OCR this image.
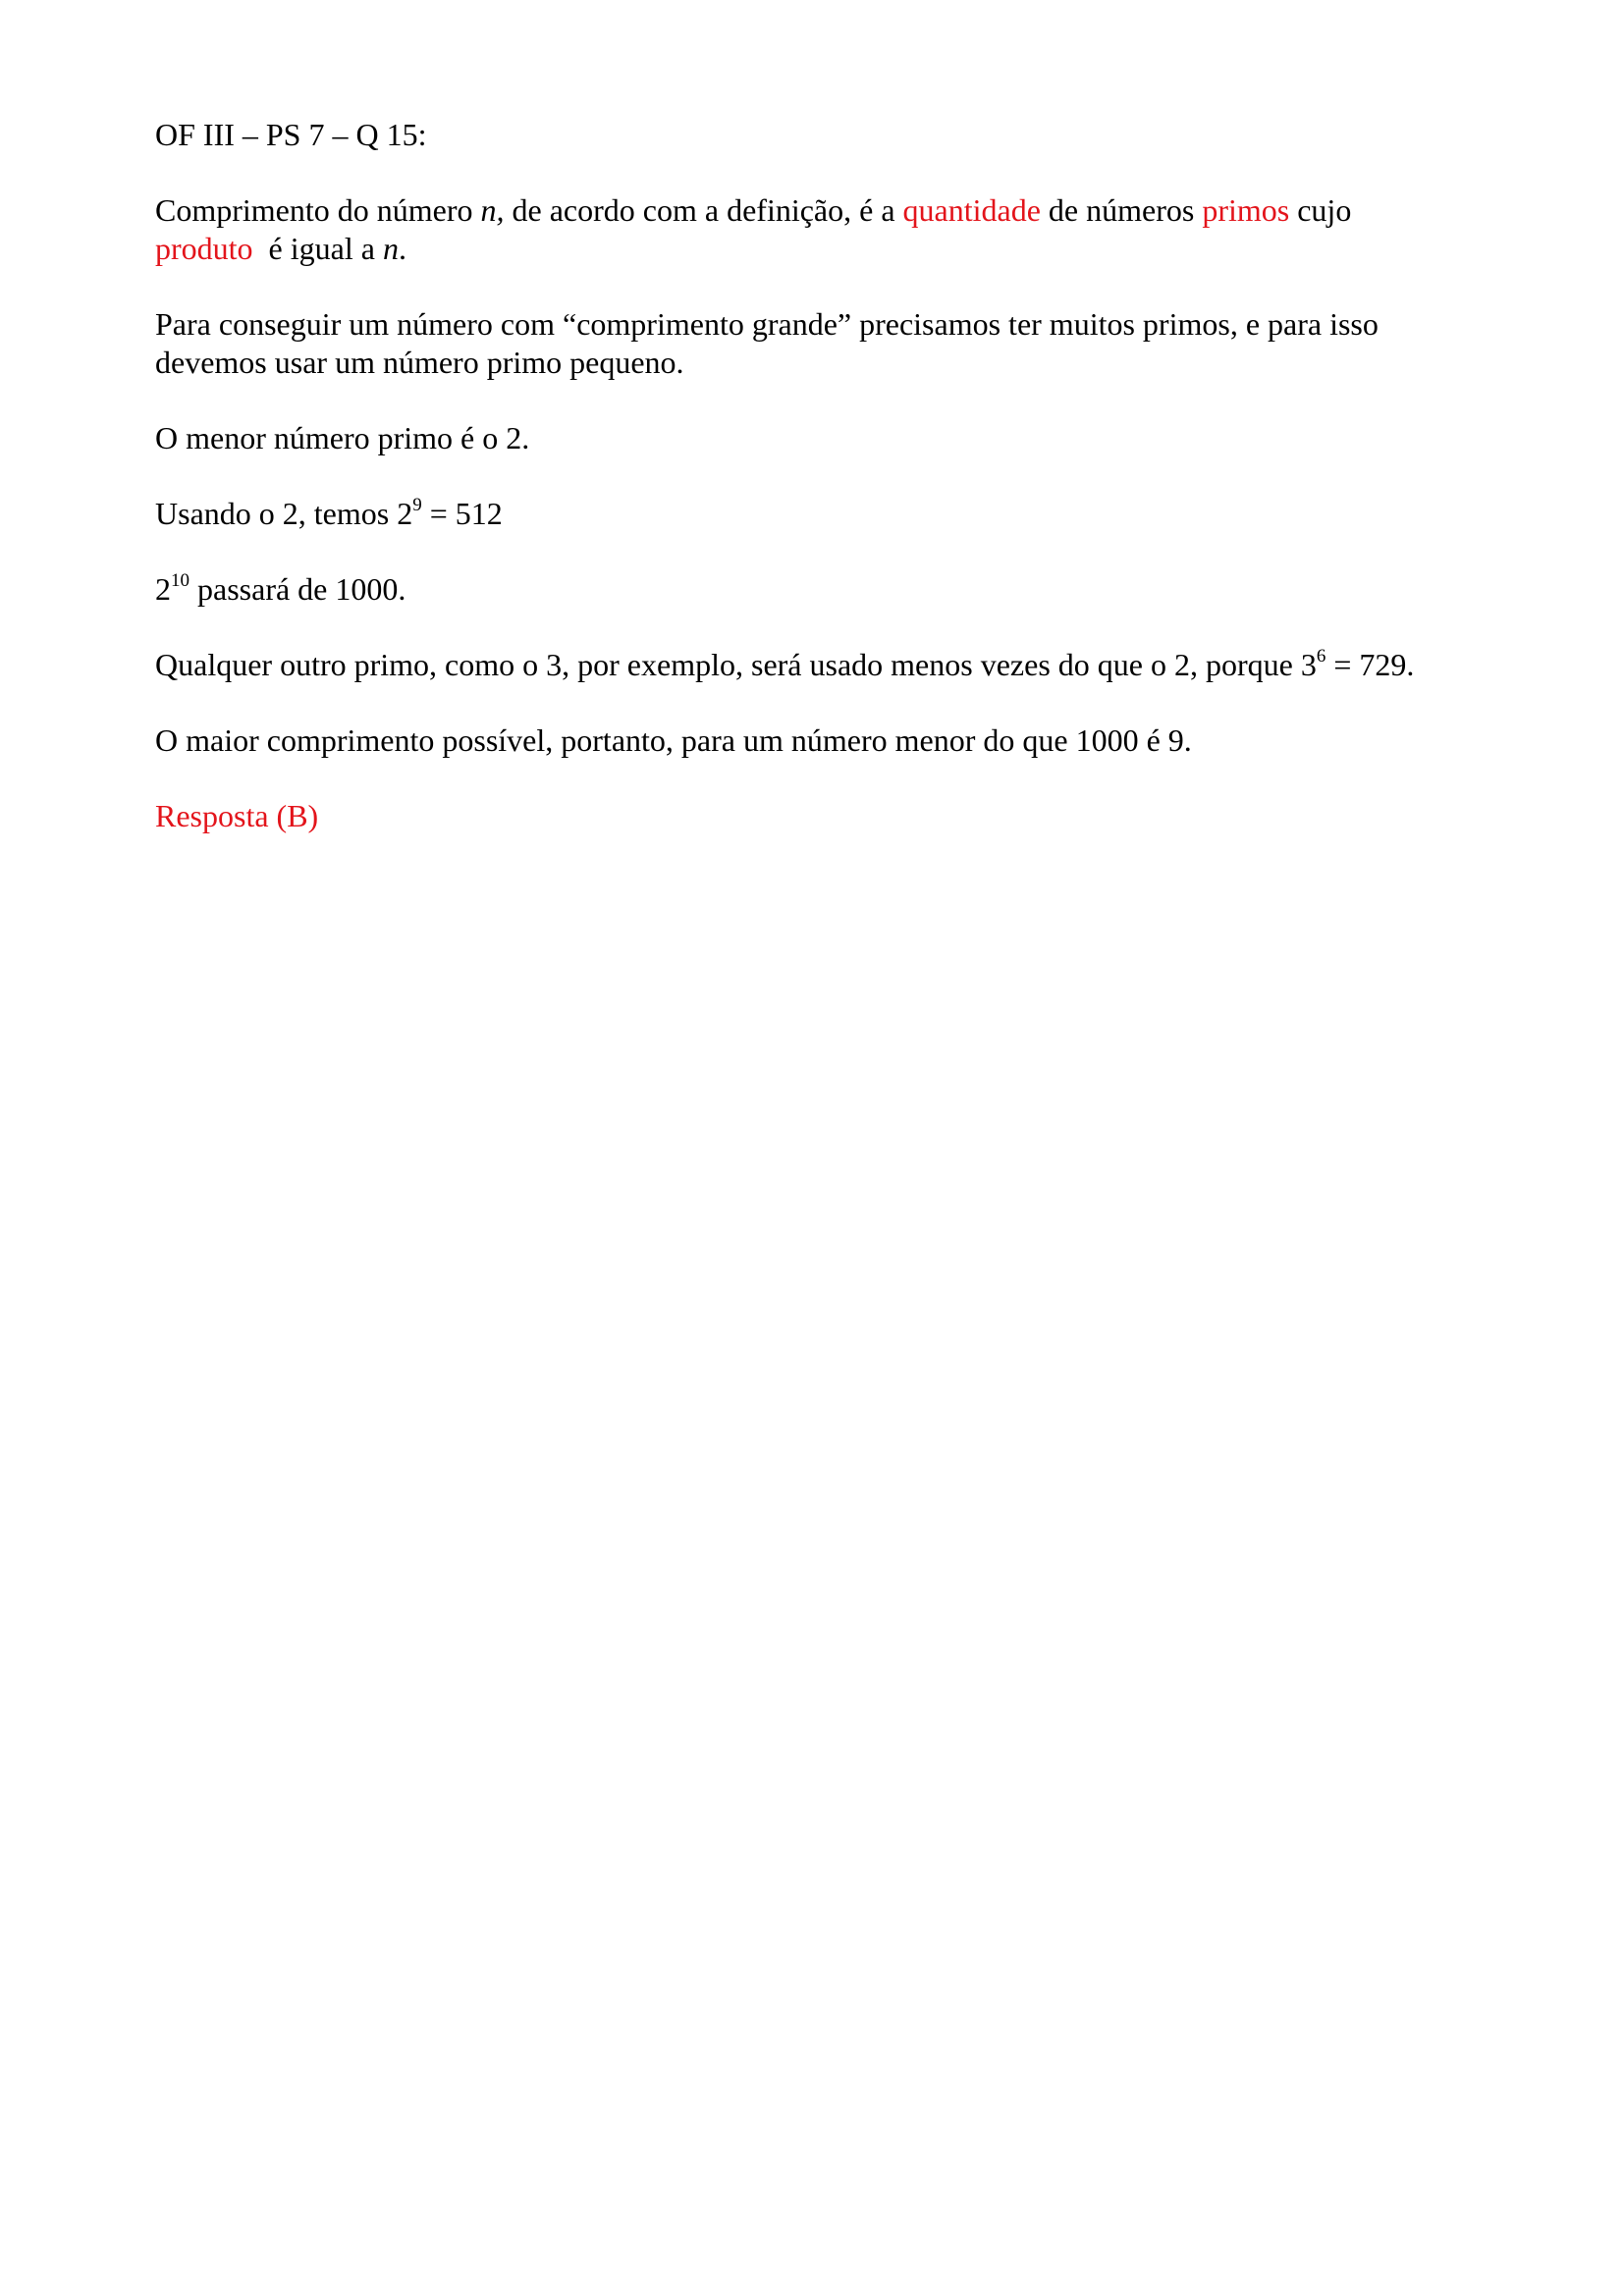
OF III – PS 7 – Q 15:

Comprimento do número n, de acordo com a definição, é a quantidade de números primos cujo
produto  é igual a n.

Para conseguir um número com “comprimento grande” precisamos ter muitos primos, e para isso devemos usar um número primo pequeno.

O menor número primo é o 2.

Usando o 2, temos $2^9 = 512$

$2^{10}$ passará de 1000.

Qualquer outro primo, como o 3, por exemplo, será usado menos vezes do que o 2, porque $3^6 = 729$.

O maior comprimento possível, portanto, para um número menor do que 1000 é 9.

Resposta (B)
